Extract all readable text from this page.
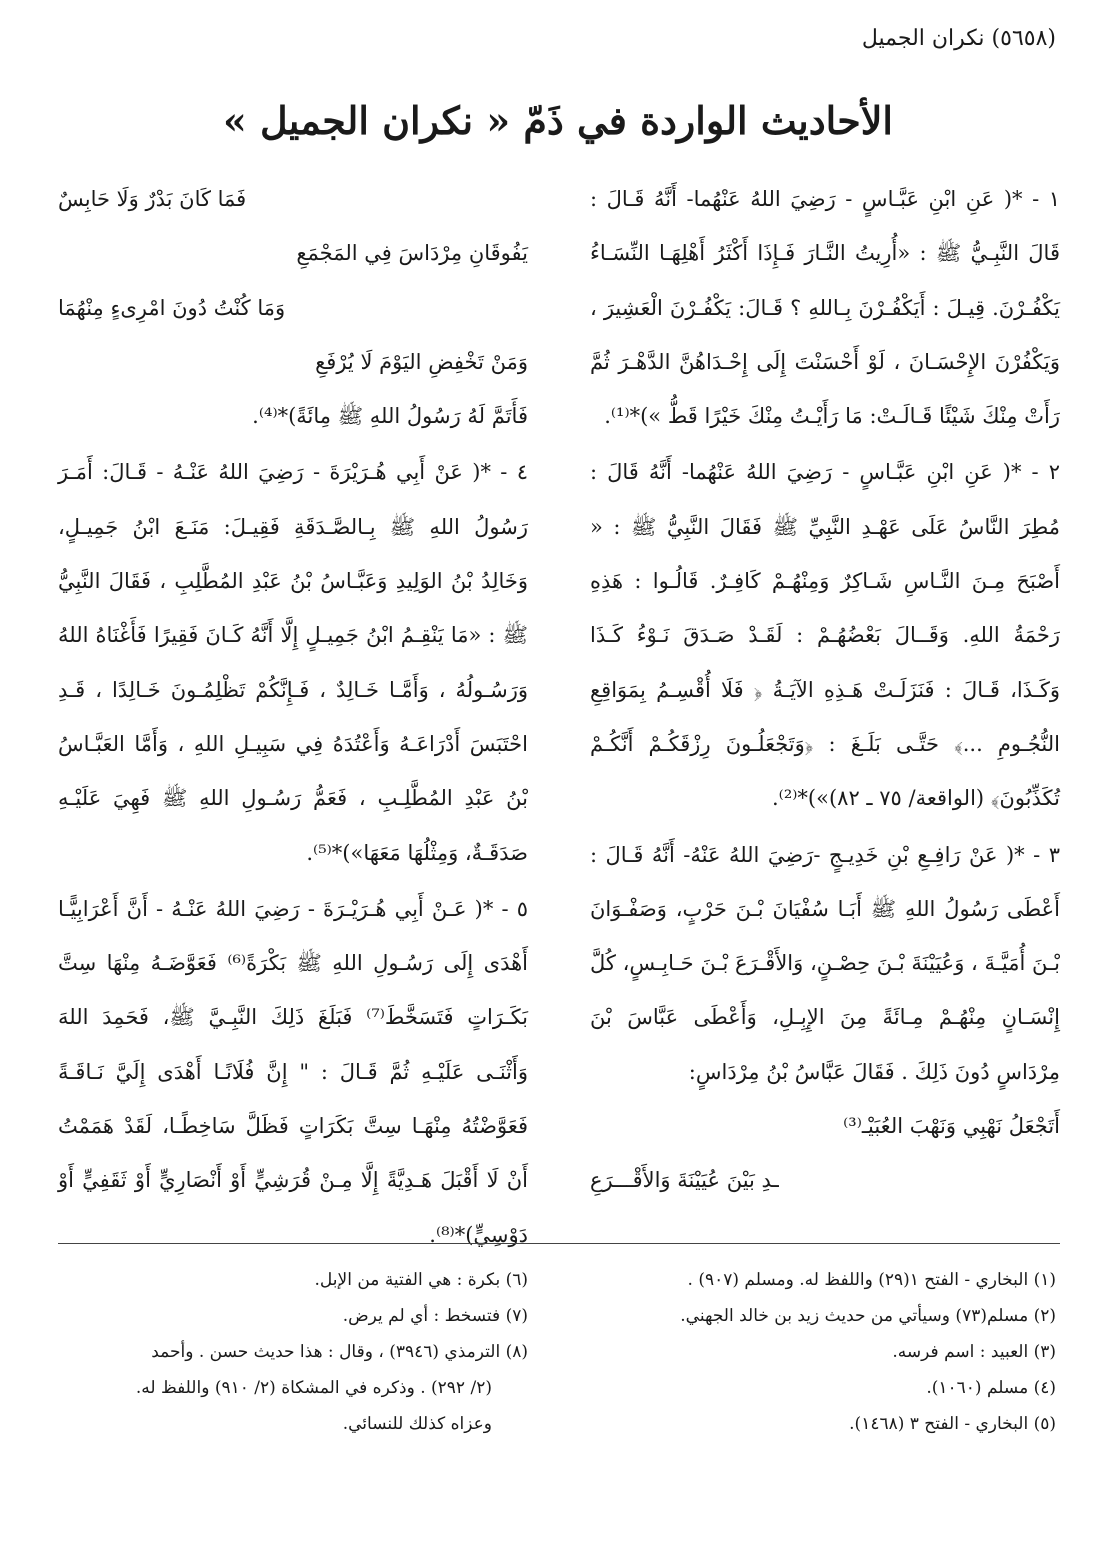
(٥٦٥٨) نكران الجميل
الأحاديث الواردة في ذَمّ « نكران الجميل »

١ - *( عَنِ ابْنِ عَبَّـاسٍ - رَضِيَ اللهُ عَنْهُما- أَنَّهُ قَـالَ : قَالَ النَّبِـيُّ ﷺ : «أُرِيتُ النَّـارَ فَـإِذَا أَكْثَرُ أَهْلِهَـا النِّسَـاءُ يَكْفُـرْنَ. قِيـلَ : أَيَكْفُـرْنَ بِـاللهِ ؟ قَـالَ: يَكْفُـرْنَ الْعَشِيرَ ، وَيَكْفُرْنَ الإِحْسَـانَ ، لَوْ أَحْسَنْتَ إِلَى إِحْـدَاهُنَّ الدَّهْـرَ ثُمَّ رَأَتْ مِنْكَ شَيْئًا قَـالَـتْ: مَا رَأَيْـتُ مِنْكَ خَيْرًا قَطُّ »)*⁽¹⁾.

٢ - *( عَنِ ابْنِ عَبَّـاسٍ - رَضِيَ اللهُ عَنْهُما- أَنَّهُ قَالَ : مُطِرَ النَّاسُ عَلَى عَهْـدِ النَّبِيِّ ﷺ فَقَالَ النَّبِيُّ ﷺ : « أَصْبَحَ مِـنَ النَّـاسِ شَـاكِرٌ وَمِنْهُـمْ كَافِـرٌ. قَالُـوا : هَذِهِ رَحْمَةُ اللهِ. وَقَــالَ بَعْضُهُـمْ : لَقَـدْ صَـدَقَ نَـوْءُ كَـذَا وَكَـذَا، قَـالَ : فَنَزَلَـتْ هَـذِهِ الآيَـةُ ﴿ فَلَا أُقْسِـمُ بِمَوَاقِعِ النُّجُـومِ ...﴾ حَتَّـى بَلَـغَ : ﴿وَتَجْعَلُـونَ رِزْقَكُـمْ أَنَّكُـمْ تُكَذِّبُونَ﴾ (الواقعة/ ٧٥ ـ ٨٢)»)*⁽²⁾.

٣ - *( عَنْ رَافِـعِ بْنِ خَدِيـجٍ -رَضِيَ اللهُ عَنْهُ- أَنَّهُ قَـالَ : أَعْطَى رَسُولُ اللهِ ﷺ أَبَـا سُفْيَانَ بْـنَ حَرْبٍ، وَصَفْـوَانَ بْـنَ أُمَيَّـةَ ، وَعُيَيْنَةَ بْـنَ حِصْـنٍ، وَالأَقْـرَعَ بْـنَ حَـابِـسٍ، كُلَّ إِنْسَـانٍ مِنْهُـمْ مِـائَةً مِنَ الإِبِـلِ، وَأَعْطَى عَبَّاسَ بْنَ مِرْدَاسٍ دُونَ ذَلِكَ . فَقَالَ عَبَّاسُ بْنُ مِرْدَاسٍ:

أَتَجْعَلُ نَهْبِي وَنَهْبَ العُبَيْـ⁽³⁾

ـدِ بَيْنَ عُيَيْنَةَ وَالأَقْـــرَعِ

فَمَا كَانَ بَدْرٌ وَلَا حَابِسٌ

يَفُوقَانِ مِرْدَاسَ فِي المَجْمَعِ

وَمَا كُنْتُ دُونَ امْرِىءٍ مِنْهُمَا

وَمَنْ تَخْفِضِ اليَوْمَ لَا يُرْفَعِ

فَأَتَمَّ لَهُ رَسُولُ اللهِ ﷺ مِائَةً)*⁽⁴⁾.

٤ - *( عَنْ أَبِي هُـرَيْرَةَ - رَضِيَ اللهُ عَنْـهُ - قَـالَ: أَمَـرَ رَسُولُ اللهِ ﷺ بِـالصَّـدَقَةِ فَقِيـلَ: مَنَـعَ ابْنُ جَمِيـلٍ، وَخَالِدُ بْنُ الوَلِيدِ وَعَبَّـاسُ بْنُ عَبْدِ المُطَّلِبِ ، فَقَالَ النَّبِيُّ ﷺ : «مَا يَنْقِـمُ ابْنُ جَمِيـلٍ إِلَّا أَنَّهُ كَـانَ فَقِيرًا فَأَغْنَاهُ اللهُ وَرَسُـولُهُ ، وَأَمَّـا خَـالِدٌ ، فَـإِنَّكُمْ تَظْلِمُـونَ خَـالِدًا ، قَـدِ احْتَبَسَ أَدْرَاعَـهُ وَأَعْتُدَهُ فِي سَبِيـلِ اللهِ ، وَأَمَّا العَبَّـاسُ بْنُ عَبْدِ المُطَّلِـبِ ، فَعَمُّ رَسُـولِ اللهِ ﷺ فَهِيَ عَلَيْـهِ صَدَقَـةٌ، وَمِثْلُهَا مَعَهَا»)*⁽⁵⁾.

٥ - *( عَـنْ أَبِي هُـرَيْـرَةَ - رَضِيَ اللهُ عَنْـهُ - أَنَّ أَعْرَابِيًّـا أَهْدَى إِلَى رَسُـولِ اللهِ ﷺ بَكْرَةً⁽⁶⁾ فَعَوَّضَـهُ مِنْهَا سِتَّ بَكَـرَاتٍ فَتَسَخَّطَ⁽⁷⁾ فَبَلَغَ ذَلِكَ النَّبِـيَّ ﷺ، فَحَمِدَ اللهَ وَأَثْنَـى عَلَيْـهِ ثُمَّ قَـالَ : " إِنَّ فُلَانًـا أَهْدَى إِلَيَّ نَـاقَـةً فَعَوَّضْتُهُ مِنْهَـا سِتَّ بَكَرَاتٍ فَظَلَّ سَاخِطًـا، لَقَدْ هَمَمْتُ أَنْ لَا أَقْبَلَ هَـدِيَّةً إِلَّا مِـنْ قُرَشِيٍّ أَوْ أَنْصَارِيٍّ أَوْ ثَقَفِيٍّ أَوْ دَوْسِيٍّ)*⁽⁸⁾.

(١) البخاري - الفتح ١(٢٩) واللفظ له. ومسلم (٩٠٧) .

(٢) مسلم(٧٣) وسيأتي من حديث زيد بن خالد الجهني.

(٣) العبيد : اسم فرسه.

(٤) مسلم (١٠٦٠).

(٥) البخاري - الفتح ٣ (١٤٦٨).

(٦) بكرة : هي الفتية من الإبل.

(٧) فتسخط : أي لم يرض.

(٨) الترمذي (٣٩٤٦) ، وقال : هذا حديث حسن . وأحمد

(٢/ ٢٩٢) . وذكره في المشكاة (٢/ ٩١٠) واللفظ له.

وعزاه كذلك للنسائي.
